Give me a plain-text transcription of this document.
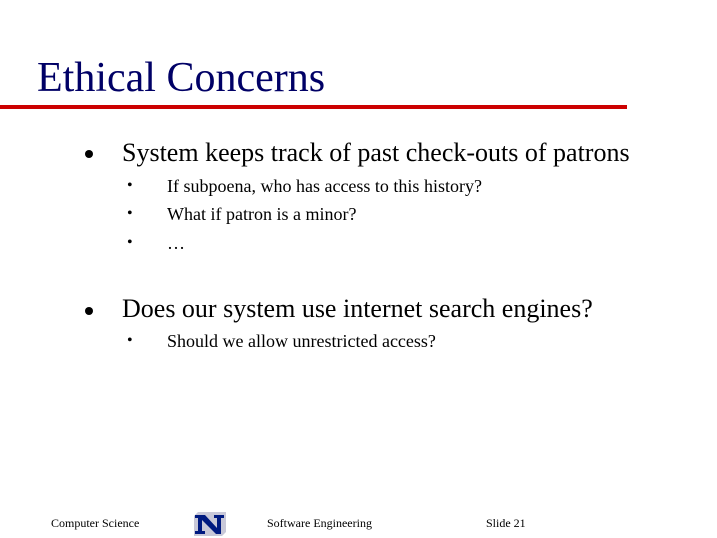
Ethical Concerns
System keeps track of past check-outs of patrons
• If subpoena, who has access to this history?
• What if patron is a minor?
• …
Does our system use internet search engines?
• Should we allow unrestricted access?
Computer Science	Software Engineering	Slide 21
